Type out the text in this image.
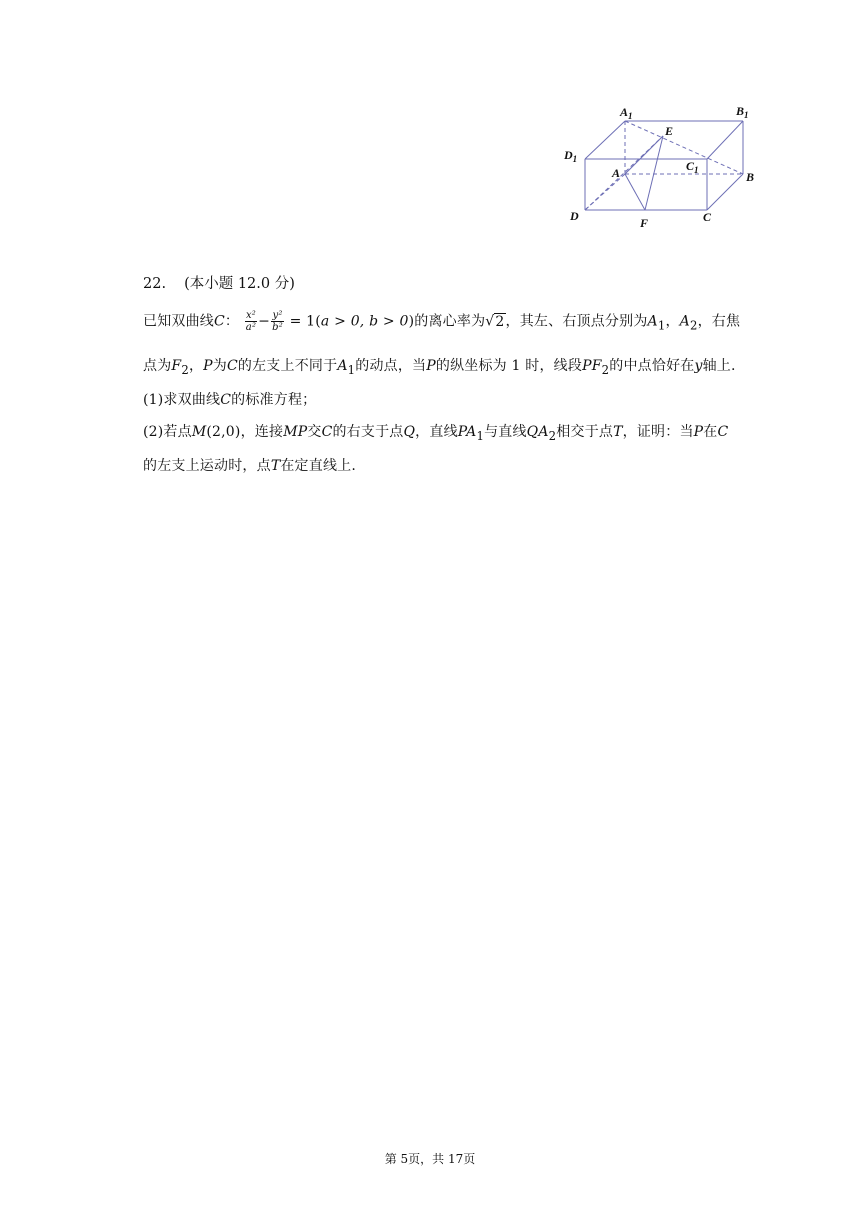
$A_1$	$B_1$
E
$D_1$	$C_1$
A	B
D	F	C
22. (本小题 12.0 分)
已知双曲线C： $\frac{\text{x²}}{\text{a²}} - \frac{\text{y²}}{\text{b²}} = 1(a > 0$, b > 0)的离心率为√2，其左、右顶点分别为$A_1$，$A_2$，右焦
点为$F_2$，P为C的左支上不同于$A_1$的动点，当P的纵坐标为 1 时，线段$PF_2$的中点恰好在y轴上.
(1)求双曲线C的标准方程；
(2)若点M(2,0)，连接MP交C的右支于点Q，直线$PA_1$与直线$QA_2$相交于点T，证明：当P在C
的左支上运动时，点T在定直线上.
第 5页，共 17页
